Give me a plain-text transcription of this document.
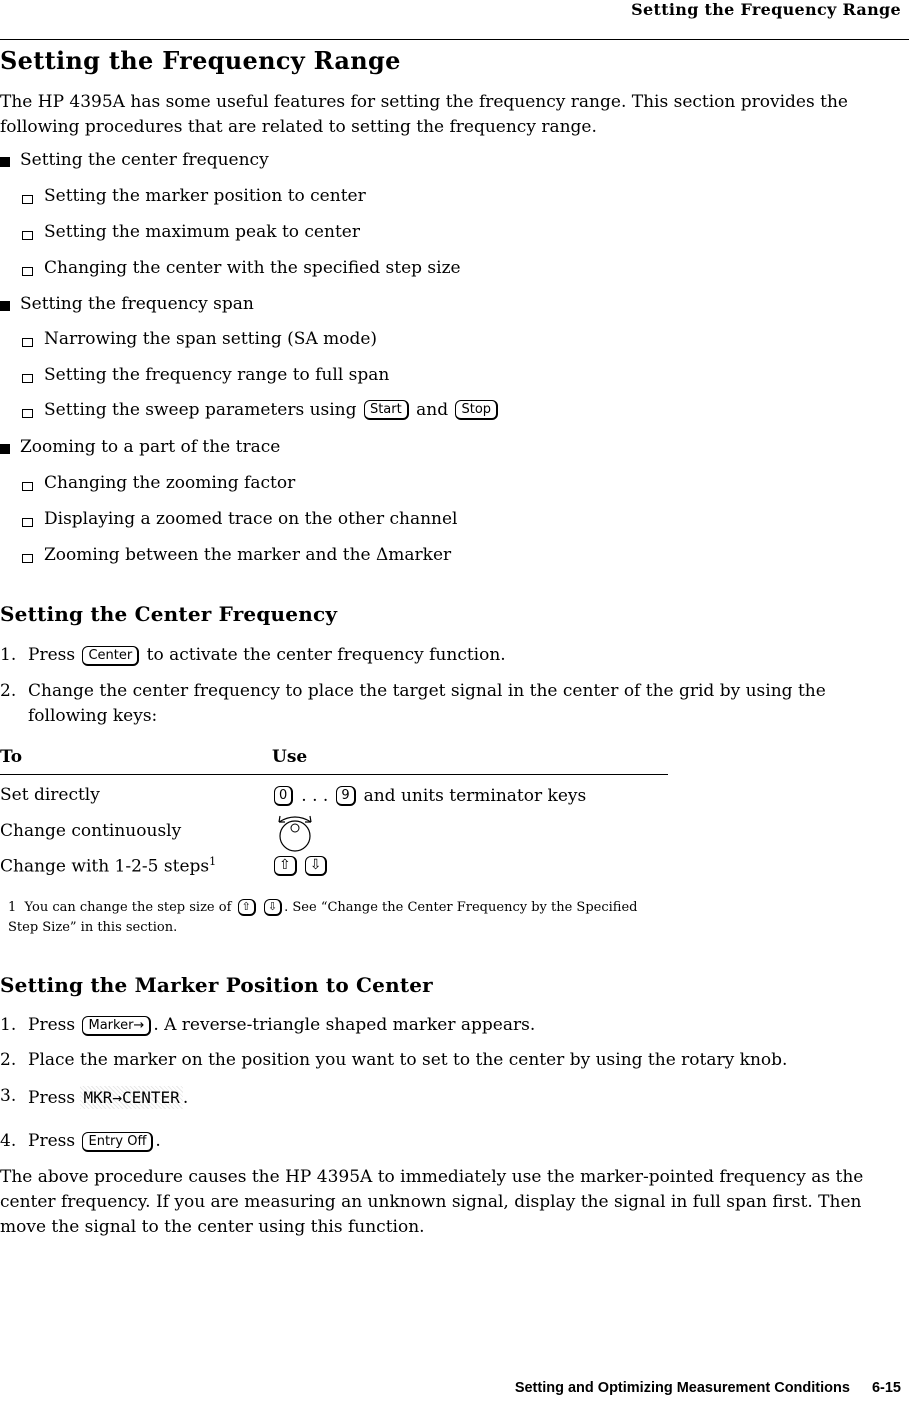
Setting the Frequency Range
Setting the Frequency Range

The HP 4395A has some useful features for setting the frequency range. This section provides the following procedures that are related to setting the frequency range.

Setting the center frequency
Setting the marker position to center
Setting the maximum peak to center
Changing the center with the specified step size
Setting the frequency span
Narrowing the span setting (SA mode)
Setting the frequency range to full span
Setting the sweep parameters using
	Start
and
	Stop
Zooming to a part of the trace
Changing the zooming factor
Displaying a zoomed trace on the other channel
Zooming between the marker and the Δmarker
Setting the Center Frequency
1. Press Center to activate the center frequency function.
2. Change the center frequency to place the target signal in the center of the grid by using the following keys:
To	Use
Set directly	0 . . .	9 and units terminator keys
Change continuously
Change with 1-2-5 steps$^1$	⇧	⇩
1 You can change the step size of ⇧ ⇩ . See “Change the Center Frequency by the Specified Step Size” in this section.
Setting the Marker Position to Center
1. Press Marker→ . A reverse-triangle shaped marker appears.
2. Place the marker on the position you want to set to the center by using the rotary knob.
3. Press MKR→CENTER .
4. Press Entry Off .

The above procedure causes the HP 4395A to immediately use the marker-pointed frequency as the center frequency. If you are measuring an unknown signal, display the signal in full span first. Then move the signal to the center using this function.

Setting and Optimizing Measurement Conditions 6-15
